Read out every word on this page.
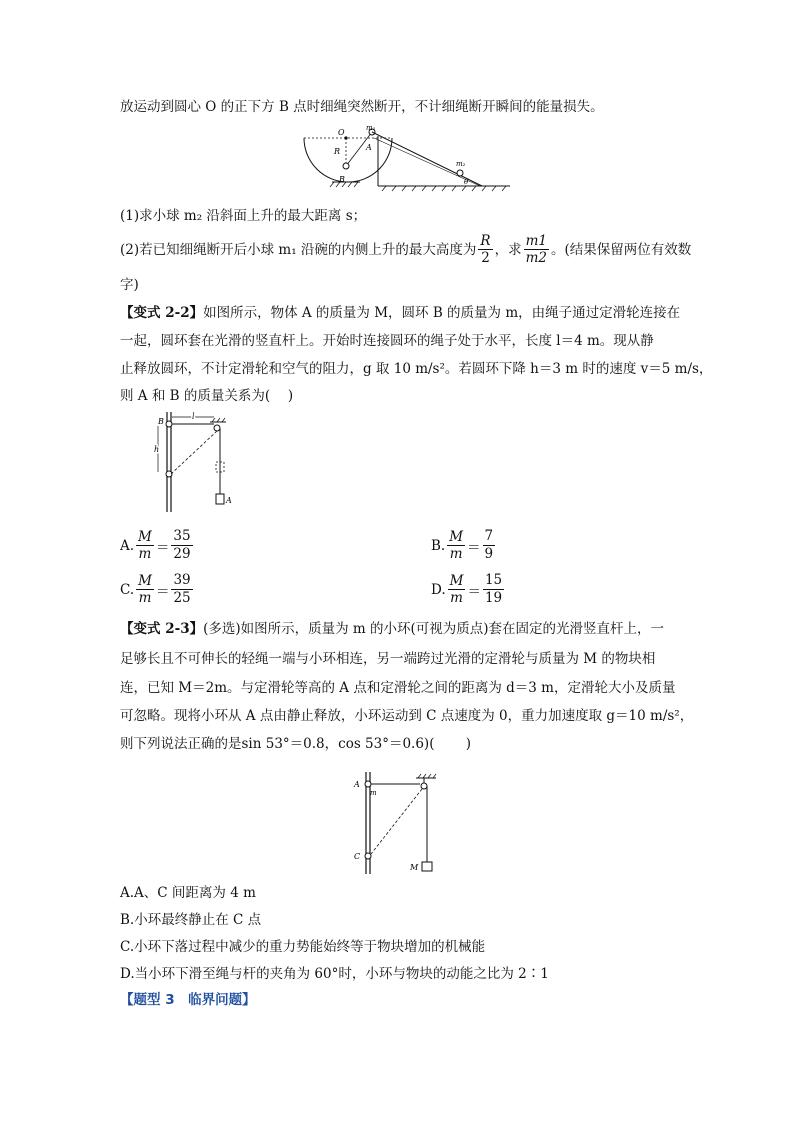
放运动到圆心 O 的正下方 B 点时细绳突然断开，不计细绳断开瞬间的能量损失。
O	m₁
R	A
B
m₂
θ
(1)求小球 m₂ 沿斜面上升的最大距离 s；
(2)若已知细绳断开后小球 m₁ 沿碗的内侧上升的最大高度为 $\frac{R}{2}$ ，求 $\frac{m1}{m2}$ 。(结果保留两位有效数
字)
【变式 2-2】如图所示，物体 A 的质量为 M，圆环 B 的质量为 m，由绳子通过定滑轮连接在
一起，圆环套在光滑的竖直杆上。开始时连接圆环的绳子处于水平，长度 l＝4 m。现从静
止释放圆环，不计定滑轮和空气的阻力，g 取 10 m/s²。若圆环下降 h＝3 m 时的速度 v＝5 m/s，
则 A 和 B 的质量关系为(　 )
B
l
h
A
A. $\frac{M}{m} = \frac{35}{29}$	B. $\frac{M}{m} = \frac{7}{9}$
C. $\frac{M}{m} = \frac{39}{25}$	D. $\frac{M}{m} = \frac{15}{19}$
【变式 2-3】(多选)如图所示，质量为 m 的小环(可视为质点)套在固定的光滑竖直杆上，一
足够长且不可伸长的轻绳一端与小环相连，另一端跨过光滑的定滑轮与质量为 M 的物块相
连，已知 M＝2m。与定滑轮等高的 A 点和定滑轮之间的距离为 d＝3 m，定滑轮大小及质量
可忽略。现将小环从 A 点由静止释放，小环运动到 C 点速度为 0，重力加速度取 g＝10 m/s²，
则下列说法正确的是sin 53°＝0.8，cos 53°＝0.6)(　 　)
A
m
C
M
A.A、C 间距离为 4 m
B.小环最终静止在 C 点
C.小环下落过程中减少的重力势能始终等于物块增加的机械能
D.当小环下滑至绳与杆的夹角为 60°时，小环与物块的动能之比为 2∶1
【题型 3　临界问题】
